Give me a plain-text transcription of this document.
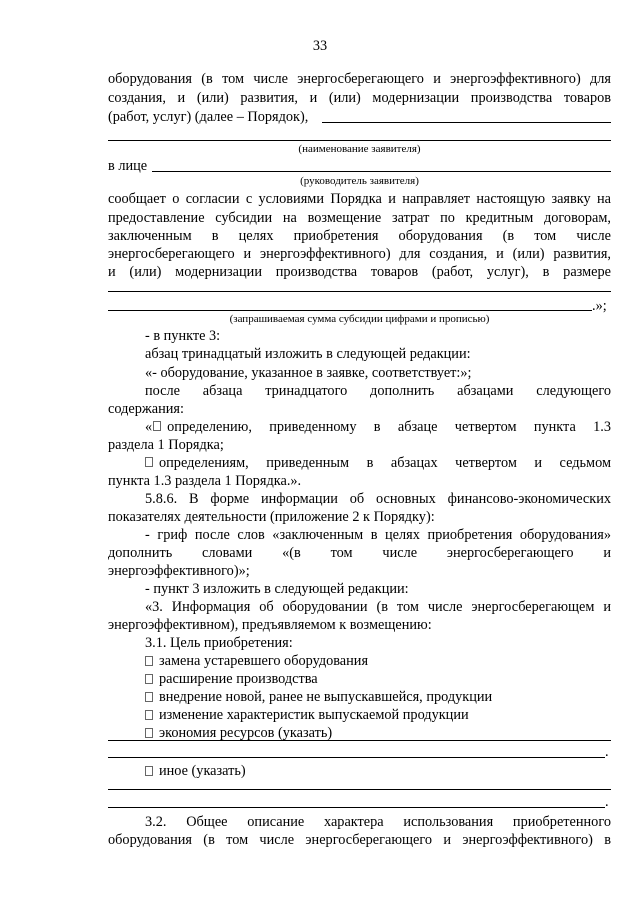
33
оборудования (в том числе энергосберегающего и энергоэффективного) для
создания, и (или) развития, и (или) модернизации производства товаров
(работ, услуг) (далее – Порядок),
(наименование заявителя)
в лице
(руководитель заявителя)
сообщает о согласии с условиями Порядка и направляет настоящую заявку на
предоставление субсидии на возмещение затрат по кредитным договорам,
заключенным в целях приобретения оборудования (в том числе
энергосберегающего и энергоэффективного) для создания, и (или) развития,
и (или) модернизации производства товаров (работ, услуг), в размере
.»;
(запрашиваемая сумма субсидии цифрами и прописью)
- в пункте 3:
абзац тринадцатый изложить в следующей редакции:
«- оборудование, указанное в заявке, соответствует:»;
после абзаца тринадцатого дополнить абзацами следующего
содержания:
« определению, приведенному в абзаце четвертом пункта 1.3
раздела 1 Порядка;
определениям, приведенным в абзацах четвертом и седьмом
пункта 1.3 раздела 1 Порядка.».
5.8.6. В форме информации об основных финансово-экономических
показателях деятельности (приложение 2 к Порядку):
- гриф после слов «заключенным в целях приобретения оборудования»
дополнить словами «(в том числе энергосберегающего и
энергоэффективного)»;
- пункт 3 изложить в следующей редакции:
«3. Информация об оборудовании (в том числе энергосберегающем и
энергоэффективном), предъявляемом к возмещению:
3.1. Цель приобретения:
замена устаревшего оборудования
расширение производства
внедрение новой, ранее не выпускавшейся, продукции
изменение характеристик выпускаемой продукции
экономия ресурсов (указать)
.
иное (указать)
.
3.2. Общее описание характера использования приобретенного
оборудования (в том числе энергосберегающего и энергоэффективного) в
